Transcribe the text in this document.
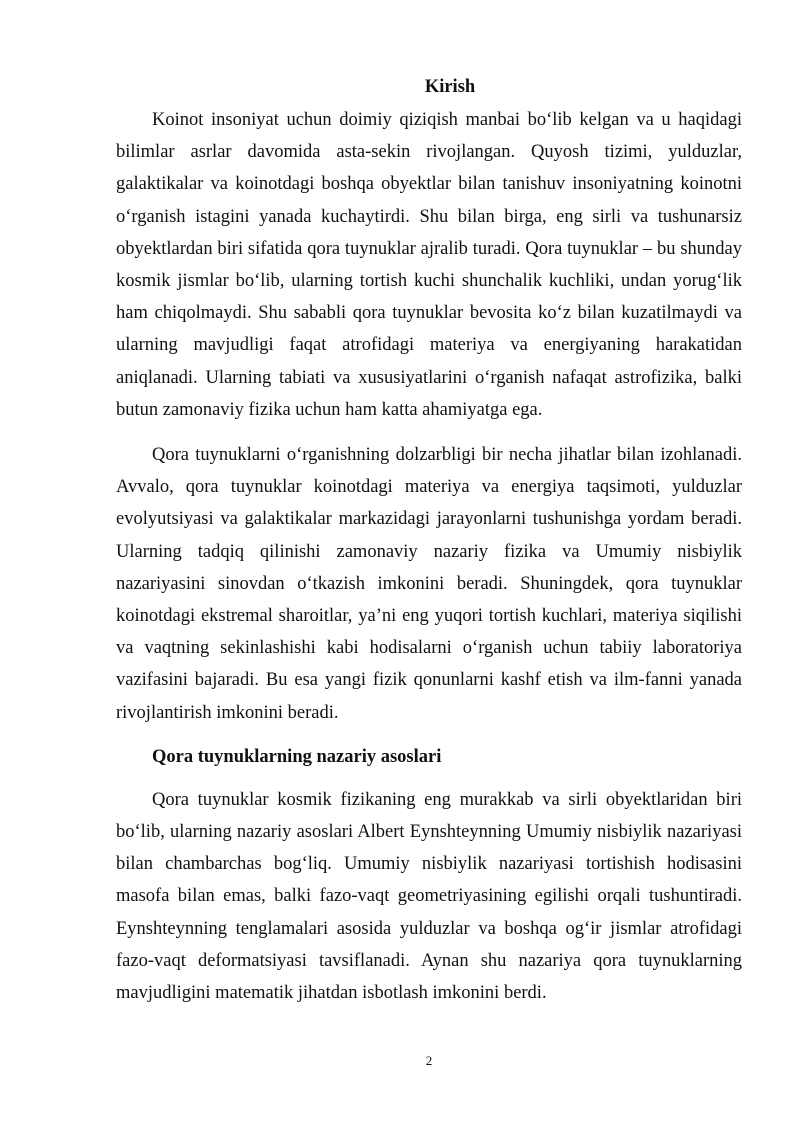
Kirish

Koinot insoniyat uchun doimiy qiziqish manbai bo‘lib kelgan va u haqidagi bilimlar asrlar davomida asta-sekin rivojlangan. Quyosh tizimi, yulduzlar, galaktikalar va koinotdagi boshqa obyektlar bilan tanishuv insoniyatning koinotni o‘rganish istagini yanada kuchaytirdi. Shu bilan birga, eng sirli va tushunarsiz obyektlardan biri sifatida qora tuynuklar ajralib turadi. Qora tuynuklar – bu shunday kosmik jismlar bo‘lib, ularning tortish kuchi shunchalik kuchliki, undan yorug‘lik ham chiqolmaydi. Shu sababli qora tuynuklar bevosita ko‘z bilan kuzatilmaydi va ularning mavjudligi faqat atrofidagi materiya va energiyaning harakatidan aniqlanadi. Ularning tabiati va xususiyatlarini o‘rganish nafaqat astrofizika, balki butun zamonaviy fizika uchun ham katta ahamiyatga ega.

Qora tuynuklarni o‘rganishning dolzarbligi bir necha jihatlar bilan izohlanadi. Avvalo, qora tuynuklar koinotdagi materiya va energiya taqsimoti, yulduzlar evolyutsiyasi va galaktikalar markazidagi jarayonlarni tushunishga yordam beradi. Ularning tadqiq qilinishi zamonaviy nazariy fizika va Umumiy nisbiylik nazariyasini sinovdan o‘tkazish imkonini beradi. Shuningdek, qora tuynuklar koinotdagi ekstremal sharoitlar, ya’ni eng yuqori tortish kuchlari, materiya siqilishi va vaqtning sekinlashishi kabi hodisalarni o‘rganish uchun tabiiy laboratoriya vazifasini bajaradi. Bu esa yangi fizik qonunlarni kashf etish va ilm-fanni yanada rivojlantirish imkonini beradi.

Qora tuynuklarning nazariy asoslari

Qora tuynuklar kosmik fizikaning eng murakkab va sirli obyektlaridan biri bo‘lib, ularning nazariy asoslari Albert Eynshteynning Umumiy nisbiylik nazariyasi bilan chambarchas bog‘liq. Umumiy nisbiylik nazariyasi tortishish hodisasini masofa bilan emas, balki fazo-vaqt geometriyasining egilishi orqali tushuntiradi. Eynshteynning tenglamalari asosida yulduzlar va boshqa og‘ir jismlar atrofidagi fazo-vaqt deformatsiyasi tavsiflanadi. Aynan shu nazariya qora tuynuklarning mavjudligini matematik jihatdan isbotlash imkonini berdi.

2
